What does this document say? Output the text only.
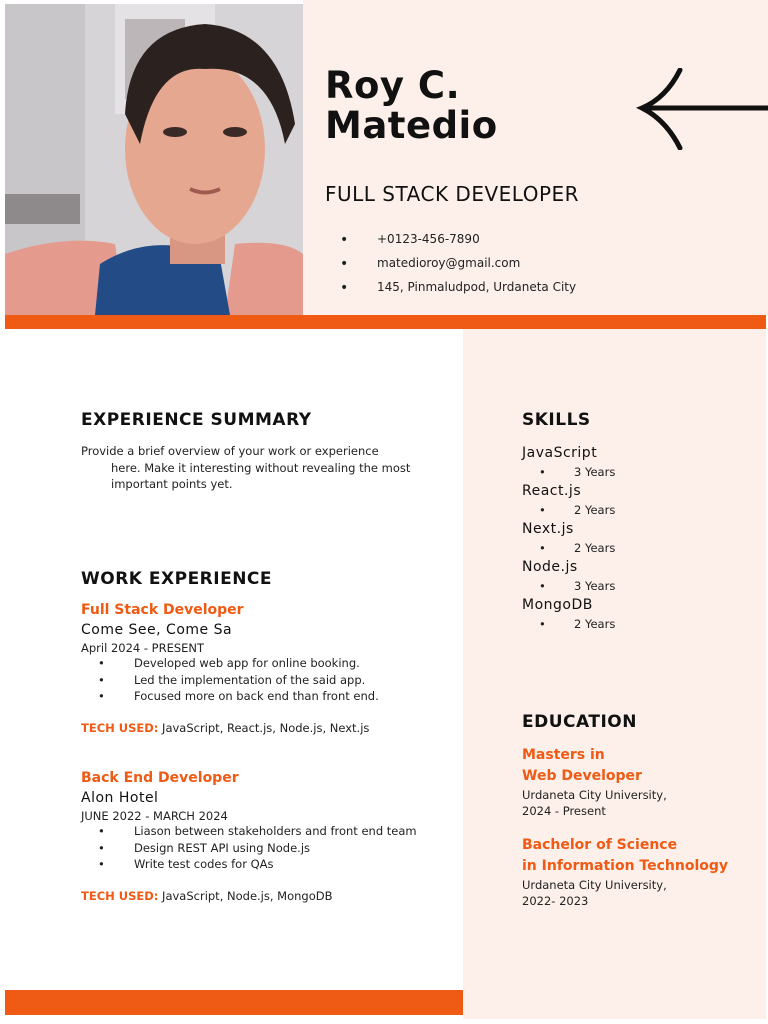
Roy C.
Matedio
FULL STACK DEVELOPER
• +0123-456-7890
• matedioroy@gmail.com
• 145, Pinmaludpod, Urdaneta City
EXPERIENCE SUMMARY
Provide a brief overview of your work or experience here. Make it interesting without revealing the most important points yet.
WORK EXPERIENCE
Full Stack Developer
Come See, Come Sa
April 2024 - PRESENT
• Developed web app for online booking.
• Led the implementation of the said app.
• Focused more on back end than front end.
TECH USED: JavaScript, React.js, Node.js, Next.js
Back End Developer
Alon Hotel
JUNE 2022 - MARCH 2024
• Liason between stakeholders and front end team
• Design REST API using Node.js
• Write test codes for QAs
TECH USED: JavaScript, Node.js, MongoDB
SKILLS
JavaScript
• 3 Years
React.js
• 2 Years
Next.js
• 2 Years
Node.js
• 3 Years
MongoDB
• 2 Years
EDUCATION
Masters in
Web Developer
Urdaneta City University,
2024 - Present
Bachelor of Science
in Information Technology
Urdaneta City University,
2022- 2023
